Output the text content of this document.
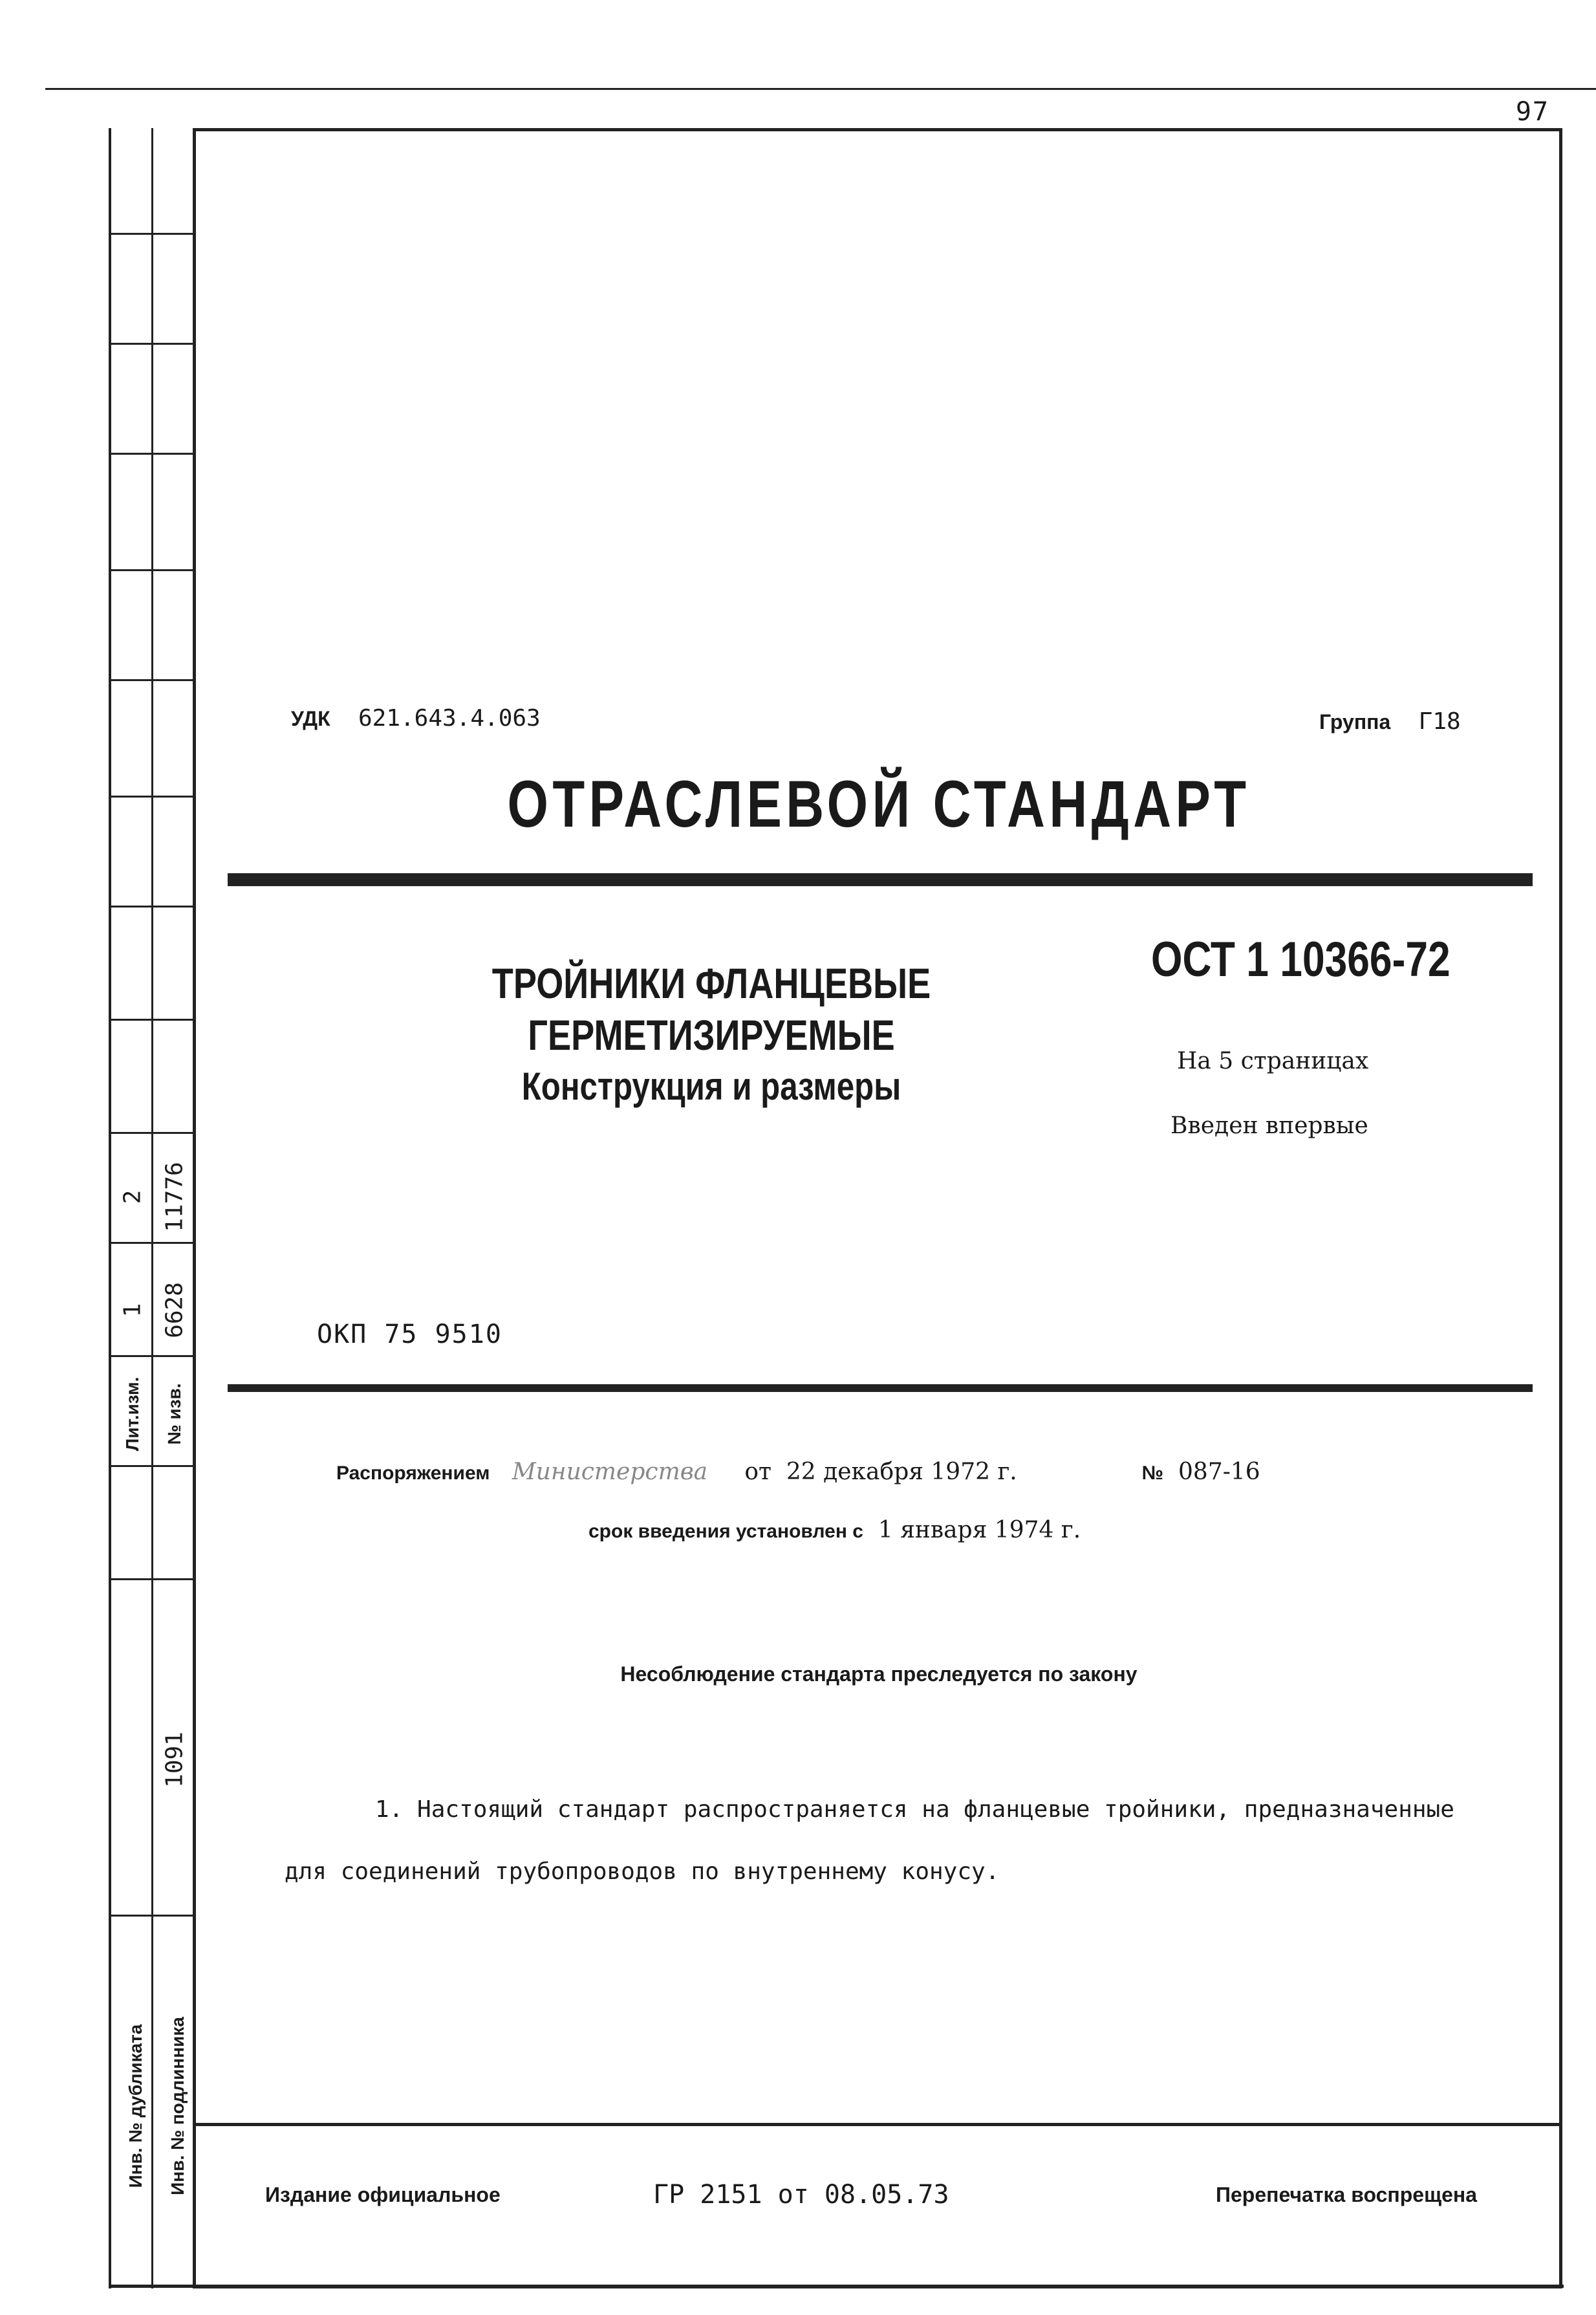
2 11776
1 6628
Лит.изм. № изв.
1091
Инв. № дубликата Инв. № подлинника
97
УДК 621.643.4.063	Группа Г18
ОТРАСЛЕВОЙ СТАНДАРТ
ТРОЙНИКИ ФЛАНЦЕВЫЕ
ГЕРМЕТИЗИРУЕМЫЕ
Конструкция и размеры
ОСТ 1 10366-72
На 5 страницах
Введен впервые
ОКП 75 9510
Распоряжением Министерства от 22 декабря 1972 г.	№ 087-16
срок введения установлен с 1 января 1974 г.
Несоблюдение стандарта преследуется по закону
1. Настоящий стандарт распространяется на фланцевые тройники, предназначенные для соединений трубопроводов по внутреннему конусу.
Издание официальное	ГР 2151 от 08.05.73	Перепечатка воспрещена
